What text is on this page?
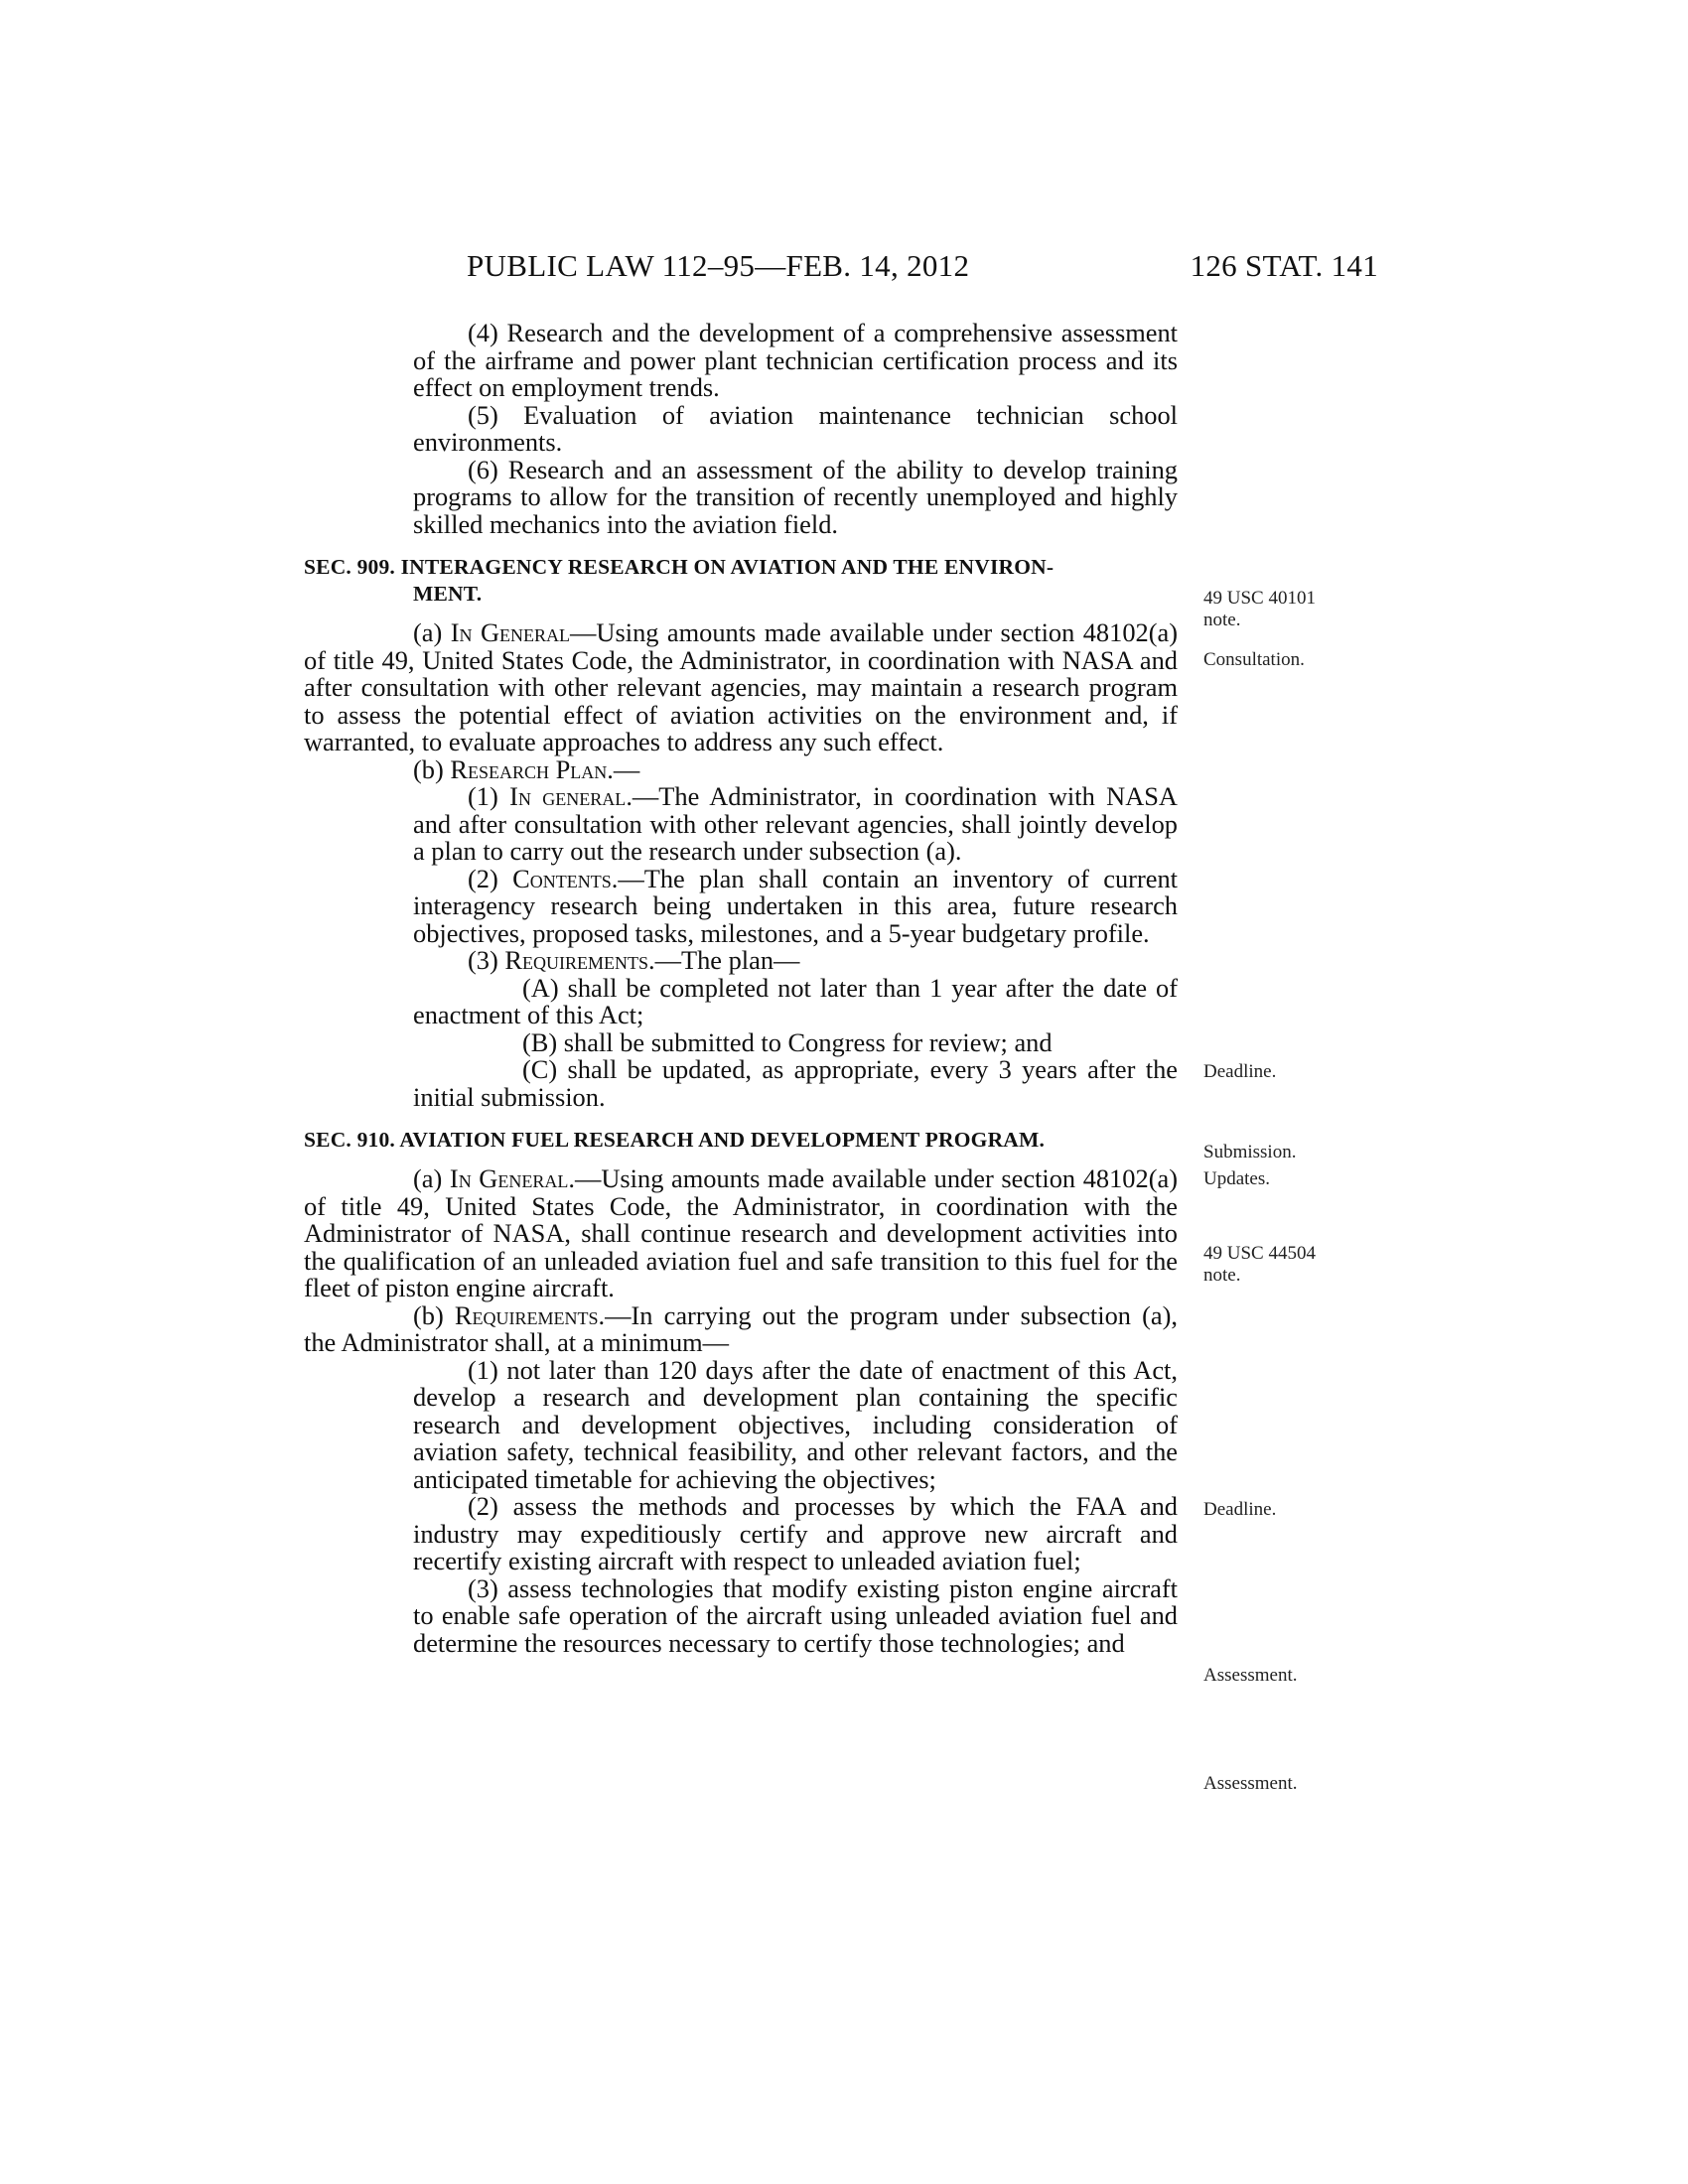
PUBLIC LAW 112–95—FEB. 14, 2012	126 STAT. 141

(4) Research and the development of a comprehensive assessment of the airframe and power plant technician certification process and its effect on employment trends.

(5) Evaluation of aviation maintenance technician school environments.

(6) Research and an assessment of the ability to develop training programs to allow for the transition of recently unemployed and highly skilled mechanics into the aviation field.

SEC. 909. INTERAGENCY RESEARCH ON AVIATION AND THE ENVIRON-
MENT.

(a) In General—Using amounts made available under section 48102(a) of title 49, United States Code, the Administrator, in coordination with NASA and after consultation with other relevant agencies, may maintain a research program to assess the potential effect of aviation activities on the environment and, if warranted, to evaluate approaches to address any such effect.

(b) Research Plan.—

(1) In general.—The Administrator, in coordination with NASA and after consultation with other relevant agencies, shall jointly develop a plan to carry out the research under subsection (a).

(2) Contents.—The plan shall contain an inventory of current interagency research being undertaken in this area, future research objectives, proposed tasks, milestones, and a 5-year budgetary profile.

(3) Requirements.—The plan—

(A) shall be completed not later than 1 year after the date of enactment of this Act;

(B) shall be submitted to Congress for review; and

(C) shall be updated, as appropriate, every 3 years after the initial submission.

SEC. 910. AVIATION FUEL RESEARCH AND DEVELOPMENT PROGRAM.

(a) In General.—Using amounts made available under section 48102(a) of title 49, United States Code, the Administrator, in coordination with the Administrator of NASA, shall continue research and development activities into the qualification of an unleaded aviation fuel and safe transition to this fuel for the fleet of piston engine aircraft.

(b) Requirements.—In carrying out the program under subsection (a), the Administrator shall, at a minimum—

(1) not later than 120 days after the date of enactment of this Act, develop a research and development plan containing the specific research and development objectives, including consideration of aviation safety, technical feasibility, and other relevant factors, and the anticipated timetable for achieving the objectives;

(2) assess the methods and processes by which the FAA and industry may expeditiously certify and approve new aircraft and recertify existing aircraft with respect to unleaded aviation fuel;

(3) assess technologies that modify existing piston engine aircraft to enable safe operation of the aircraft using unleaded aviation fuel and determine the resources necessary to certify those technologies; and

49 USC 40101
note.
Consultation.
Deadline.
Submission.
Updates.
49 USC 44504
note.
Deadline.
Assessment.
Assessment.
